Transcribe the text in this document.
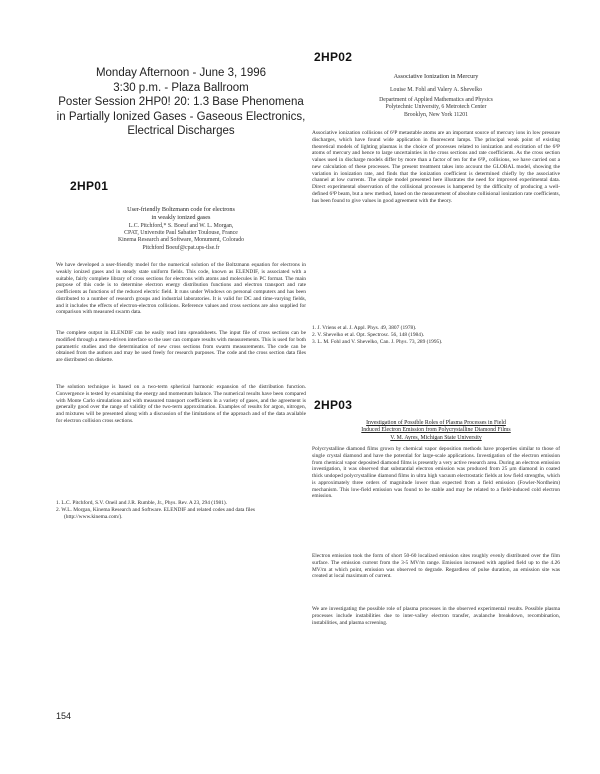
Monday Afternoon - June 3, 1996
3:30 p.m. - Plaza Ballroom
Poster Session 2HP0! 20: 1.3 Base Phenomena
in Partially Ionized Gases - Gaseous Electronics,
Electrical Discharges
2HP01
User-friendly Boltzmann code for electrons
in weakly ionized gases
L.C. Pitchford,* S. Boeuf and W. L. Morgan,
CPAT, Universite Paul Sabatier Toulouse, France
Kinema Research and Software, Monument, Colorado
Pitchford Boeuf@cpat.ups-tlse.fr
We have developed a user-friendly model for the numerical solution of the Boltzmann equation for electrons in weakly ionized gases and in steady state uniform fields. This code, known as ELENDIF, is associated with a suitable, fairly complete library of cross sections for electrons with atoms and molecules in PC format. The main purpose of this code is to determine electron energy distribution functions and electron transport and rate coefficients as functions of the reduced electric field. It runs under Windows on personal computers and has been distributed to a number of research groups and industrial laboratories. It is valid for DC and time-varying fields, and it includes the effects of electron-electron collisions. Reference values and cross sections are also supplied for comparison with measured swarm data.
The complete output in ELENDIF can be easily read into spreadsheets. The input file of cross sections can be modified through a menu-driven interface so the user can compare results with measurements. This is used for both parametric studies and the determination of new cross sections from swarm measurements. The code can be obtained from the authors and may be used freely for research purposes. The code and the cross section data files are distributed on diskette.
The solution technique is based on a two-term spherical harmonic expansion of the distribution function. Convergence is tested by examining the energy and momentum balance. The numerical results have been compared with Monte Carlo simulations and with measured transport coefficients in a variety of gases, and the agreement is generally good over the range of validity of the two-term approximation. Examples of results for argon, nitrogen, and mixtures will be presented along with a discussion of the limitations of the approach and of the data available for electron collision cross sections.
1. L.C. Pitchford, S.V. Oneil and J.R. Rumble, Jr., Phys. Rev. A 23, 294 (1981).
2. W.L. Morgan, Kinema Research and Software. ELENDIF and related codes and data files (http://www.kinema.com/).
2HP02
Associative Ionization in Mercury
Louise M. Fohl and Valery A. Shevelko
Department of Applied Mathematics and Physics
Polytechnic University, 6 Metrotech Center
Brooklyn, New York 11201
Associative ionization collisions of 6³P metastable atoms are an important source of mercury ions in low pressure discharges, which have found wide application in fluorescent lamps. The principal weak point of existing theoretical models of lighting plasmas is the choice of processes related to ionization and excitation of the 6³P atoms of mercury and hence to large uncertainties in the cross sections and rate coefficients. As the cross section values used in discharge models differ by more than a factor of ten for the 6³P₂ collisions, we have carried out a new calculation of these processes. The present treatment takes into account the GLOBAL model, showing the variation in ionization rate, and finds that the ionization coefficient is determined chiefly by the associative channel at low currents. The simple model presented here illustrates the need for improved experimental data. Direct experimental observation of the collisional processes is hampered by the difficulty of producing a well-defined 6³P beam, but a new method, based on the measurement of absolute collisional ionization rate coefficients, has been found to give values in good agreement with the theory.
1. J. Vriens et al. J. Appl. Phys. 49, 3807 (1978).
2. V. Shevelko et al. Opt. Spectrosc. 56, 148 (1984).
3. L. M. Fohl and V. Shevelko, Can. J. Phys. 73, 289 (1995).
2HP03
Investigation of Possible Roles of Plasma Processes in Field
Induced Electron Emission from Polycrystalline Diamond Films
V. M. Ayres, Michigan State University
Polycrystalline diamond films grown by chemical vapor deposition methods have properties similar to those of single crystal diamond and have the potential for large-scale applications. Investigation of the electron emission from chemical vapor deposited diamond films is presently a very active research area. During an electron emission investigation, it was observed that substantial electron emission was produced from 25 μm diamond in coated thick undoped polycrystalline diamond films in ultra high vacuum electrostatic fields at low field strengths, which is approximately three orders of magnitude lower than expected from a field emission (Fowler-Nordheim) mechanism. This low-field emission was found to be stable and may be related to a field-induced cold electron emission.
Electron emission took the form of short 50-60 localized emission sites roughly evenly distributed over the film surface. The emission current from the 3-5 MV/m range. Emission increased with applied field up to the 4.26 MV/m at which point, emission was observed to degrade. Regardless of pulse duration, an emission site was created at local maximum of current.
We are investigating the possible role of plasma processes in the observed experimental results. Possible plasma processes include instabilities due to inter-valley electron transfer, avalanche breakdown, recombination, instabilities, and plasma screening.
154
